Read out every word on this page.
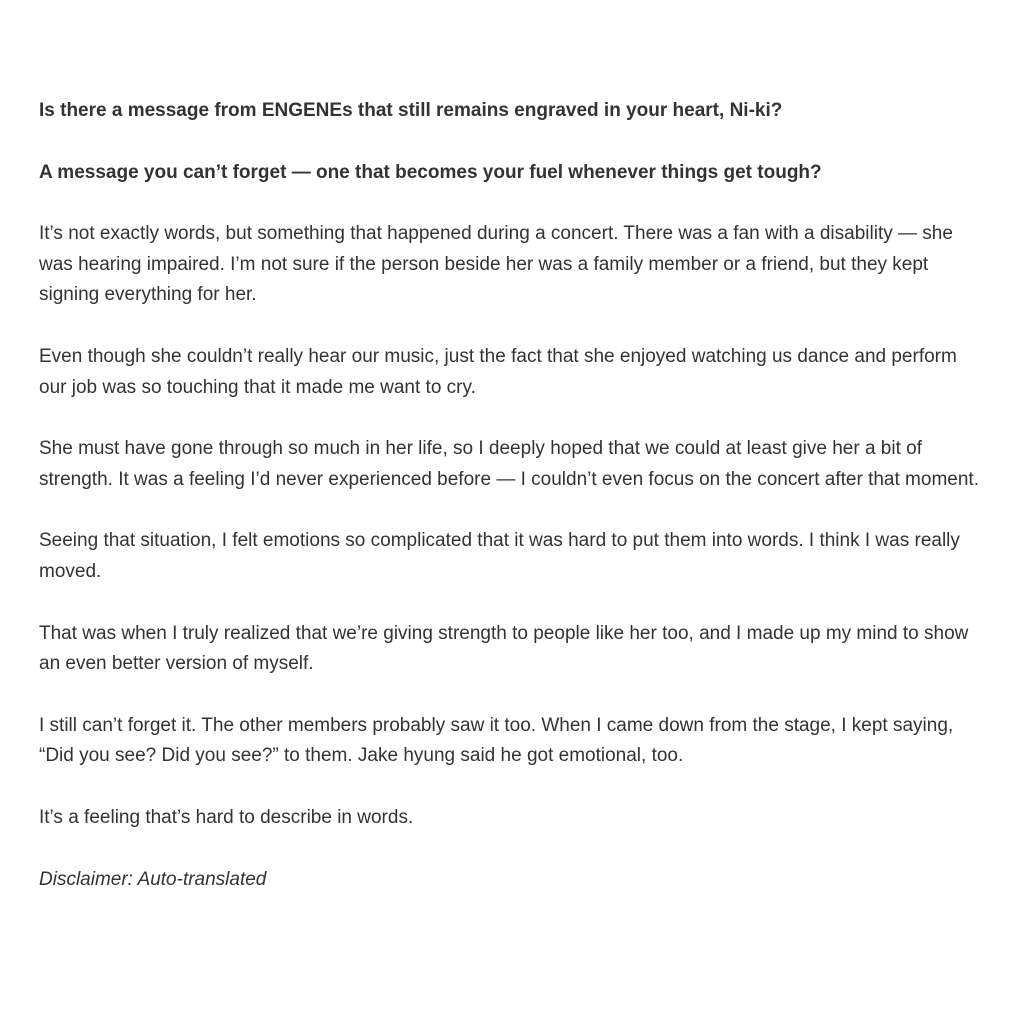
Is there a message from ENGENEs that still remains engraved in your heart, Ni-ki?

A message you can’t forget — one that becomes your fuel whenever things get tough?

It’s not exactly words, but something that happened during a concert. There was a fan with a disability — she was hearing impaired. I’m not sure if the person beside her was a family member or a friend, but they kept signing everything for her.

Even though she couldn’t really hear our music, just the fact that she enjoyed watching us dance and perform our job was so touching that it made me want to cry.

She must have gone through so much in her life, so I deeply hoped that we could at least give her a bit of strength. It was a feeling I’d never experienced before — I couldn’t even focus on the concert after that moment.

Seeing that situation, I felt emotions so complicated that it was hard to put them into words. I think I was really moved.

That was when I truly realized that we’re giving strength to people like her too, and I made up my mind to show an even better version of myself.

I still can’t forget it. The other members probably saw it too. When I came down from the stage, I kept saying, “Did you see? Did you see?” to them. Jake hyung said he got emotional, too.

It’s a feeling that’s hard to describe in words.

Disclaimer: Auto-translated
